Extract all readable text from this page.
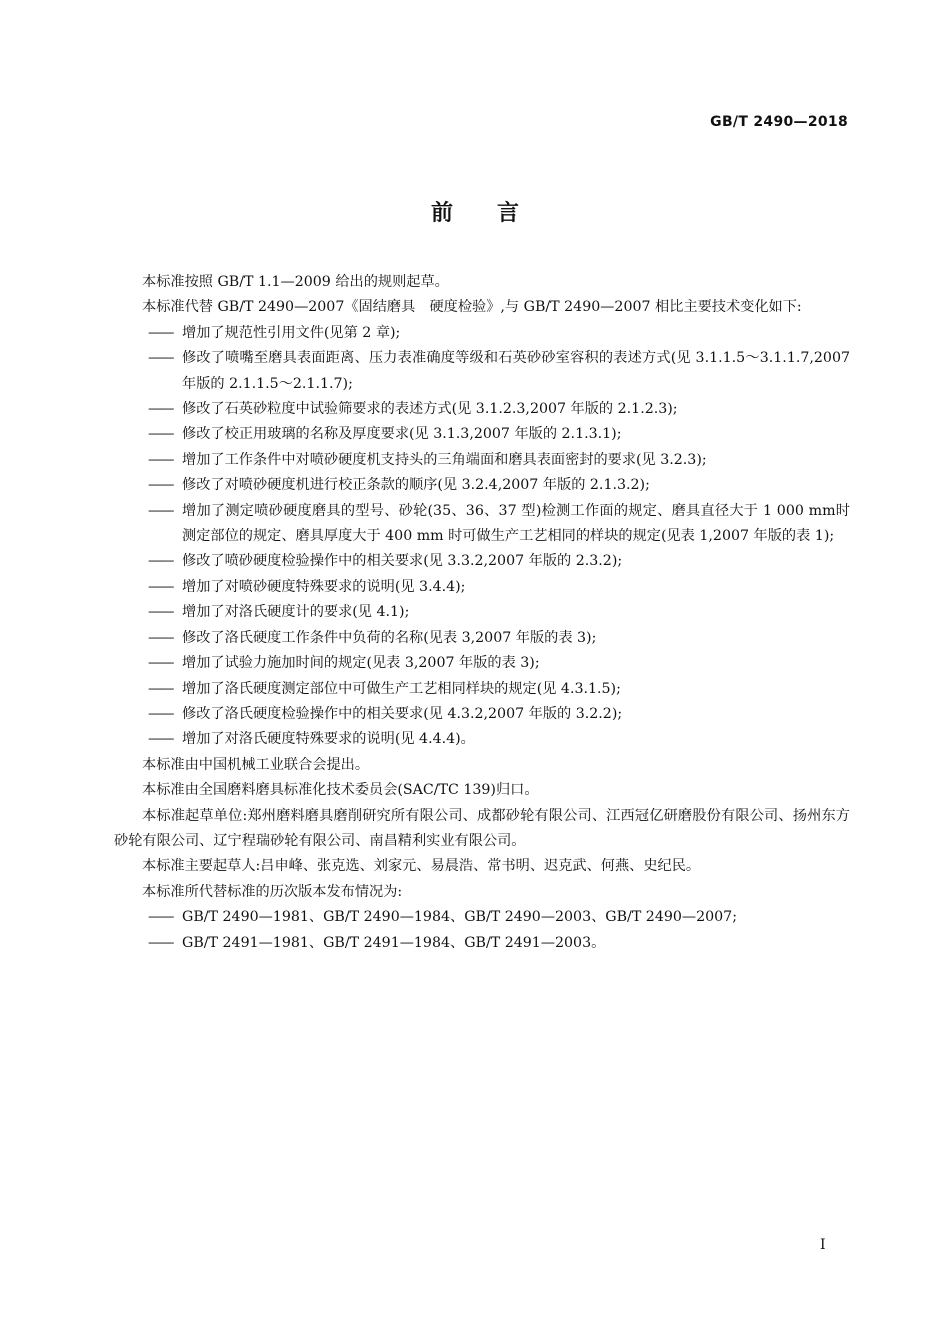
GB/T 2490—2018
前言

本标准按照 GB/T 1.1—2009 给出的规则起草。

本标准代替 GB/T 2490—2007《固结磨具　硬度检验》,与 GB/T 2490—2007 相比主要技术变化如下:

—— 增加了规范性引用文件(见第 2 章);

—— 修改了喷嘴至磨具表面距离、压力表准确度等级和石英砂砂室容积的表述方式(见 3.1.1.5～3.1.1.7,2007 年版的 2.1.1.5～2.1.1.7);

—— 修改了石英砂粒度中试验筛要求的表述方式(见 3.1.2.3,2007 年版的 2.1.2.3);

—— 修改了校正用玻璃的名称及厚度要求(见 3.1.3,2007 年版的 2.1.3.1);

—— 增加了工作条件中对喷砂硬度机支持头的三角端面和磨具表面密封的要求(见 3.2.3);

—— 修改了对喷砂硬度机进行校正条款的顺序(见 3.2.4,2007 年版的 2.1.3.2);

—— 增加了测定喷砂硬度磨具的型号、砂轮(35、36、37 型)检测工作面的规定、磨具直径大于 1 000 mm时测定部位的规定、磨具厚度大于 400 mm 时可做生产工艺相同的样块的规定(见表 1,2007 年版的表 1);

—— 修改了喷砂硬度检验操作中的相关要求(见 3.3.2,2007 年版的 2.3.2);

—— 增加了对喷砂硬度特殊要求的说明(见 3.4.4);

—— 增加了对洛氏硬度计的要求(见 4.1);

—— 修改了洛氏硬度工作条件中负荷的名称(见表 3,2007 年版的表 3);

—— 增加了试验力施加时间的规定(见表 3,2007 年版的表 3);

—— 增加了洛氏硬度测定部位中可做生产工艺相同样块的规定(见 4.3.1.5);

—— 修改了洛氏硬度检验操作中的相关要求(见 4.3.2,2007 年版的 3.2.2);

—— 增加了对洛氏硬度特殊要求的说明(见 4.4.4)。

本标准由中国机械工业联合会提出。

本标准由全国磨料磨具标准化技术委员会(SAC/TC 139)归口。

本标准起草单位:郑州磨料磨具磨削研究所有限公司、成都砂轮有限公司、江西冠亿研磨股份有限公司、扬州东方砂轮有限公司、辽宁程瑞砂轮有限公司、南昌精利实业有限公司。

本标准主要起草人:吕申峰、张克选、刘家元、易晨浩、常书明、迟克武、何燕、史纪民。

本标准所代替标准的历次版本发布情况为:

—— GB/T 2490—1981、GB/T 2490—1984、GB/T 2490—2003、GB/T 2490—2007;

—— GB/T 2491—1981、GB/T 2491—1984、GB/T 2491—2003。

I
